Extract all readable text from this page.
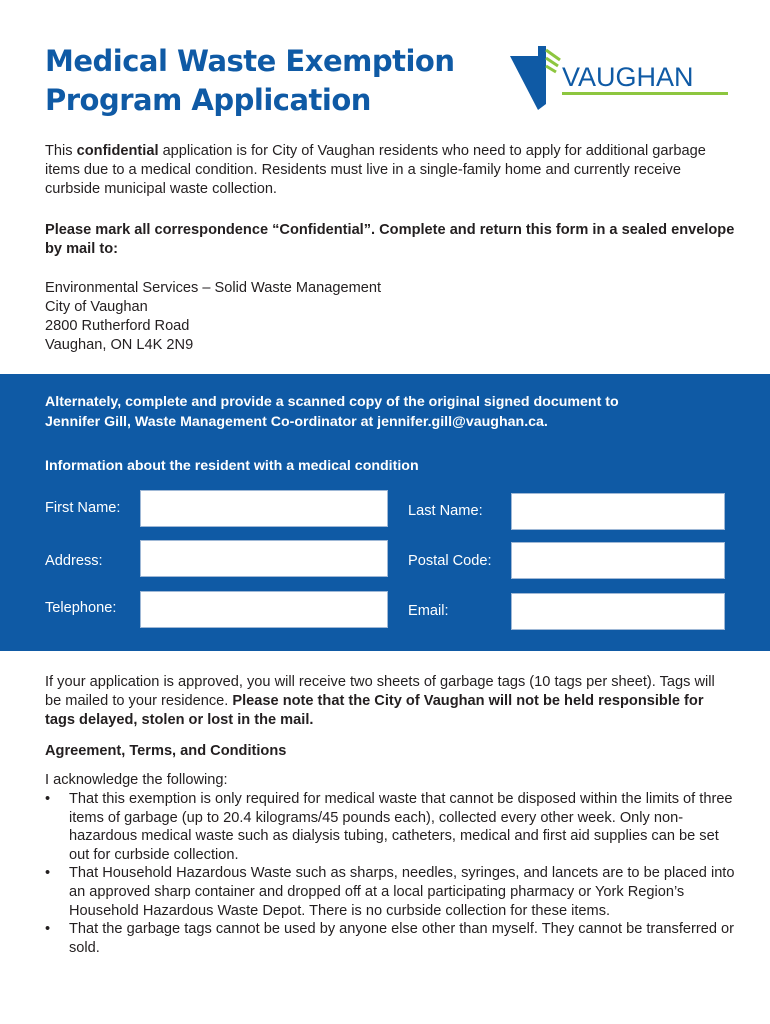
Medical Waste Exemption
Program Application
VAUGHAN

This confidential application is for City of Vaughan residents who need to apply for additional garbage items due to a medical condition. Residents must live in a single-family home and currently receive curbside municipal waste collection.

Please mark all correspondence “Confidential”. Complete and return this form in a sealed envelope by mail to:

Environmental Services – Solid Waste Management
City of Vaughan
2800 Rutherford Road
Vaughan, ON L4K 2N9

Alternately, complete and provide a scanned copy of the original signed document to
Jennifer Gill, Waste Management Co-ordinator at jennifer.gill@vaughan.ca.

Information about the resident with a medical condition

First Name:	Last Name:
Address:	Postal Code:
Telephone:	Email:

If your application is approved, you will receive two sheets of garbage tags (10 tags per sheet). Tags will be mailed to your residence. Please note that the City of Vaughan will not be held responsible for tags delayed, stolen or lost in the mail.

Agreement, Terms, and Conditions

I acknowledge the following:

• That this exemption is only required for medical waste that cannot be disposed within the limits of three items of garbage (up to 20.4 kilograms/45 pounds each), collected every other week. Only non-hazardous medical waste such as dialysis tubing, catheters, medical and first aid supplies can be set out for curbside collection.
• That Household Hazardous Waste such as sharps, needles, syringes, and lancets are to be placed into an approved sharp container and dropped off at a local participating pharmacy or York Region’s Household Hazardous Waste Depot. There is no curbside collection for these items.
• That the garbage tags cannot be used by anyone else other than myself. They cannot be transferred or sold.
